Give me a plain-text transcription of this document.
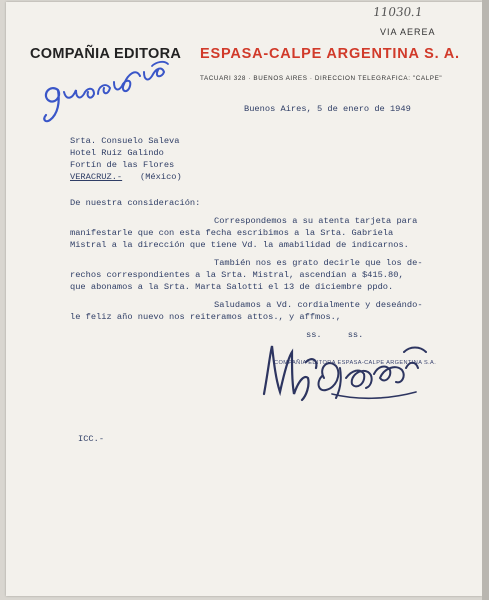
11030.1
VIA AEREA
COMPAÑIA EDITORA ESPASA-CALPE ARGENTINA S. A.
TACUARI 328 · BUENOS AIRES · DIRECCION TELEGRAFICA: "CALPE"
Buenos Aires, 5 de enero de 1949
Srta. Consuelo Saleva
Hotel Ruiz Galindo
Fortín de las Flores
VERACRUZ.- (México)
De nuestra consideración:
Correspondemos a su atenta tarjeta para
manifestarle que con esta fecha escribimos a la Srta. Gabriela
Mistral a la dirección que tiene Vd. la amabilidad de indicarnos.
También nos es grato decirle que los de-
rechos correspondientes a la Srta. Mistral, ascendían a $415.80,
que abonamos a la Srta. Marta Salotti el 13 de diciembre ppdo.
Saludamos a Vd. cordialmente y deseándo-
le feliz año nuevo nos reiteramos attos., y affmos.,
ss.     ss.
COMPAÑIA EDITORA ESPASA-CALPE ARGENTINA S.A.
ICC.-
